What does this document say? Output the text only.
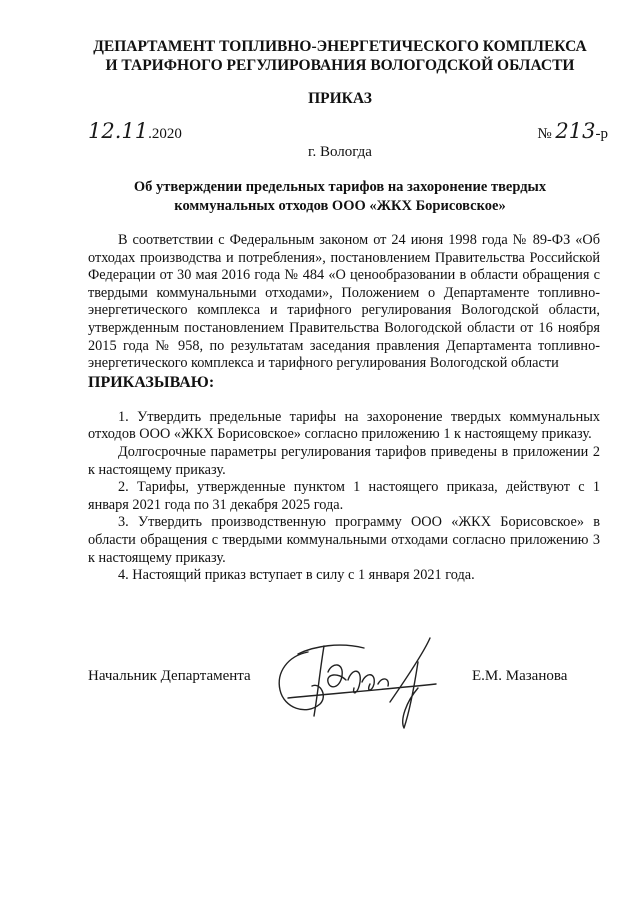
ДЕПАРТАМЕНТ ТОПЛИВНО-ЭНЕРГЕТИЧЕСКОГО КОМПЛЕКСА
И ТАРИФНОГО РЕГУЛИРОВАНИЯ ВОЛОГОДСКОЙ ОБЛАСТИ
ПРИКАЗ
12.11.2020	№ 213-р
г. Вологда
Об утверждении предельных тарифов на захоронение твердых
коммунальных отходов ООО «ЖКХ Борисовское»

В соответствии с Федеральным законом от 24 июня 1998 года № 89-ФЗ «Об отходах производства и потребления», постановлением Правительства Российской Федерации от 30 мая 2016 года № 484 «О ценообразовании в области обращения с твердыми коммунальными отходами», Положением о Департаменте топливно-энергетического комплекса и тарифного регулирования Вологодской области, утвержденным постановлением Правительства Вологодской области от 16 ноября 2015 года № 958, по результатам заседания правления Департамента топливно-энергетического комплекса и тарифного регулирования Вологодской области

ПРИКАЗЫВАЮ:

1. Утвердить предельные тарифы на захоронение твердых коммунальных отходов ООО «ЖКХ Борисовское» согласно приложению 1 к настоящему приказу.

Долгосрочные параметры регулирования тарифов приведены в приложении 2 к настоящему приказу.

2. Тарифы, утвержденные пунктом 1 настоящего приказа, действуют с 1 января 2021 года по 31 декабря 2025 года.

3. Утвердить производственную программу ООО «ЖКХ Борисовское» в области обращения с твердыми коммунальными отходами согласно приложению 3 к настоящему приказу.

4. Настоящий приказ вступает в силу с 1 января 2021 года.

Начальник Департамента	Е.М. Мазанова
